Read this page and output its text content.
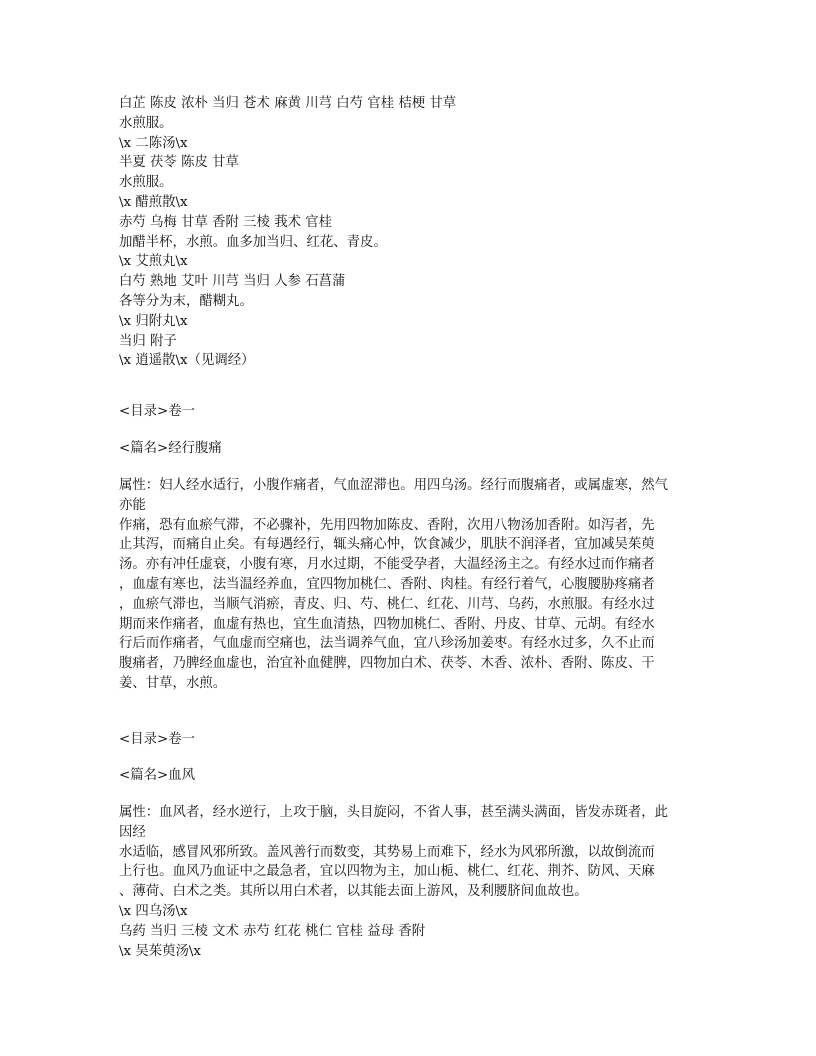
白芷 陈皮 浓朴 当归 苍术 麻黄 川芎 白芍 官桂 桔梗 甘草
水煎服。
\x 二陈汤\x
半夏 茯苓 陈皮 甘草
水煎服。
\x 醋煎散\x
赤芍 乌梅 甘草 香附 三棱 莪术 官桂
加醋半杯，水煎。血多加当归、红花、青皮。
\x 艾煎丸\x
白芍 熟地 艾叶 川芎 当归 人参 石菖蒲
各等分为末，醋糊丸。
\x 归附丸\x
当归 附子
\x 逍遥散\x（见调经）
<目录>卷一
<篇名>经行腹痛
属性：妇人经水适行，小腹作痛者，气血涩滞也。用四乌汤。经行而腹痛者，或属虚寒，然气
亦能
作痛，恐有血瘀气滞，不必骤补，先用四物加陈皮、香附，次用八物汤加香附。如泻者，先
止其泻，而痛自止矣。有每遇经行，辄头痛心忡，饮食减少，肌肤不润泽者，宜加减吴茱萸
汤。亦有冲任虚衰，小腹有寒，月水过期，不能受孕者，大温经汤主之。有经水过而作痛者
，血虚有寒也，法当温经养血，宜四物加桃仁、香附、肉桂。有经行着气，心腹腰胁疼痛者
，血瘀气滞也，当顺气消瘀，青皮、归、芍、桃仁、红花、川芎、乌药，水煎服。有经水过
期而来作痛者，血虚有热也，宜生血清热，四物加桃仁、香附、丹皮、甘草、元胡。有经水
行后而作痛者，气血虚而空痛也，法当调养气血，宜八珍汤加姜枣。有经水过多，久不止而
腹痛者，乃脾经血虚也，治宜补血健脾，四物加白术、茯苓、木香、浓朴、香附、陈皮、干
姜、甘草，水煎。
<目录>卷一
<篇名>血风
属性：血风者，经水逆行，上攻于脑，头目旋闷，不省人事，甚至满头满面，皆发赤斑者，此
因经
水适临，感冒风邪所致。盖风善行而数变，其势易上而难下，经水为风邪所激，以故倒流而
上行也。血风乃血证中之最急者，宜以四物为主，加山栀、桃仁、红花、荆芥、防风、天麻
、薄荷、白术之类。其所以用白术者，以其能去面上游风，及利腰脐间血故也。
\x 四乌汤\x
乌药 当归 三棱 文术 赤芍 红花 桃仁 官桂 益母 香附
\x 吴茱萸汤\x
